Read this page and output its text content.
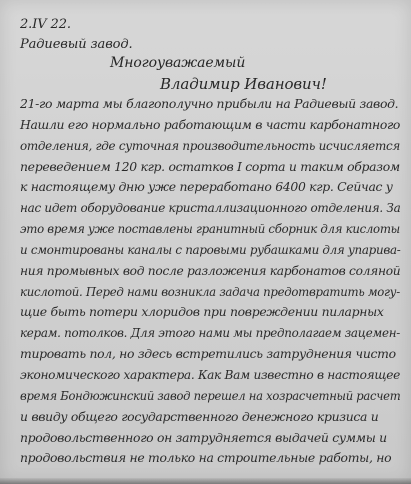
2.IV 22.
Радиевый завод.
Многоуважаемый
Владимир Иванович!
21-го марта мы благополучно прибыли на Радиевый завод.
Нашли его нормально работающим в части карбонатного
отделения, где суточная производительность исчисляется
переведением 120 кгр. остатков I сорта и таким образом
к настоящему дню уже переработано 6400 кгр. Сейчас у
нас идет оборудование кристаллизационного отделения. За
это время уже поставлены гранитный сборник для кислоты
и смонтированы каналы с паровыми рубашками для упарива-
ния промывных вод после разложения карбонатов соляной
кислотой. Перед нами возникла задача предотвратить могу-
щие быть потери хлоридов при повреждении пиларных
керам. потолков. Для этого нами мы предполагаем зацемен-
тировать пол, но здесь встретились затруднения чисто
экономического характера. Как Вам известно в настоящее
время Бондюжинский завод перешел на хозрасчетный расчет
и ввиду общего государственного денежного кризиса и
продовольственного он затрудняется выдачей суммы и
продовольствия не только на строительные работы, но
